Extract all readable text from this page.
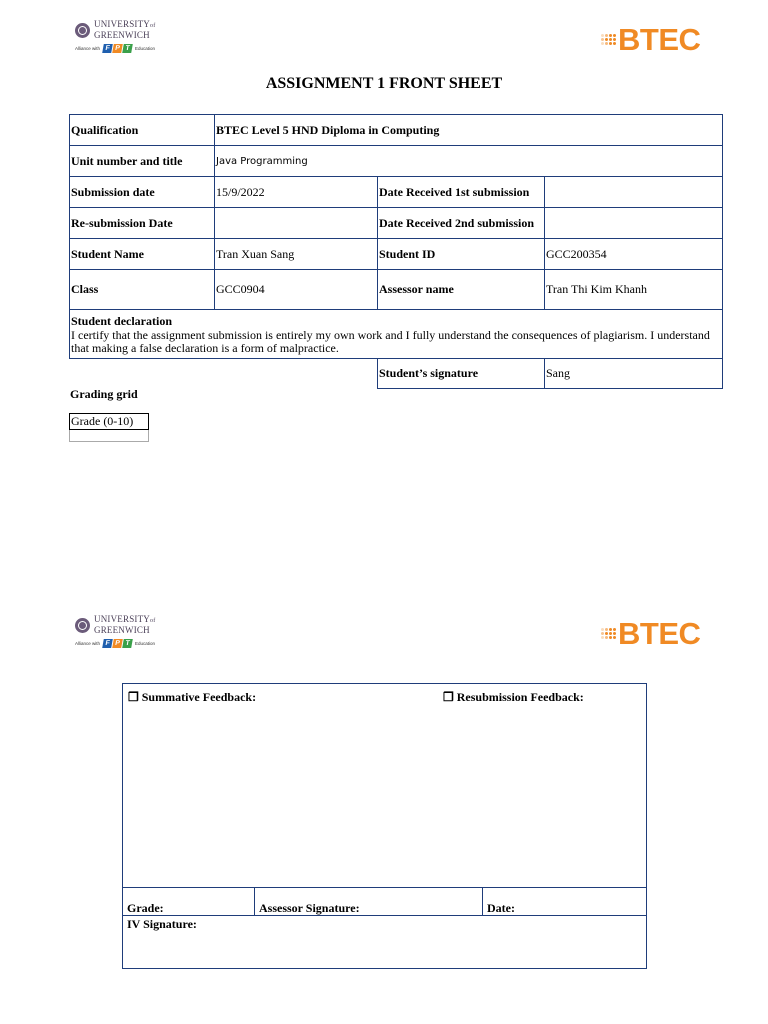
UNIVERSITYof
GREENWICH
Alliance with F P T	Education	BTEC
ASSIGNMENT 1 FRONT SHEET
Qualification	BTEC Level 5 HND Diploma in Computing		
Unit number and title	Java Programming		
Submission date	15/9/2022	Date Received 1st submission	
Re-submission Date		Date Received 2nd submission	
Student Name	Tran Xuan Sang	Student ID	GCC200354
Class	GCC0904	Assessor name	Tran Thi Kim Khanh

Student declaration
I certify that the assignment submission is entirely my own work and I fully understand the consequences of plagiarism. I understand that making a false declaration is a form of malpractice.			
Student’s signature	Sang
Grading grid
Grade (0-10)

UNIVERSITYof
GREENWICH
Alliance with F P T	Education	BTEC
❒ Summative Feedback:	❒ Resubmission Feedback:
Grade:	Assessor Signature:	Date:
IV Signature:
